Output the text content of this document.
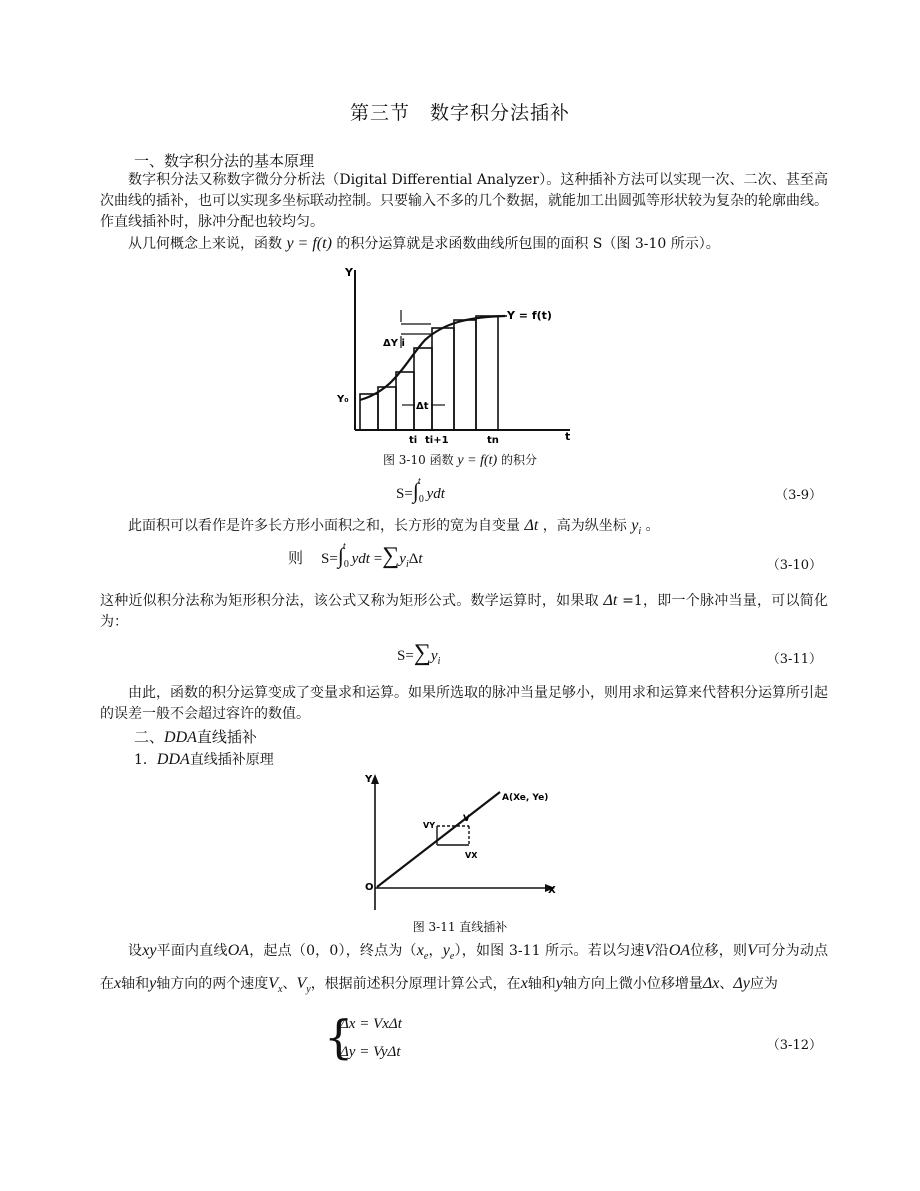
第三节　数字积分法插补
一、数字积分法的基本原理
数字积分法又称数字微分分析法（Digital Differential Analyzer）。这种插补方法可以实现一次、二次、甚至高次曲线的插补，也可以实现多坐标联动控制。只要输入不多的几个数据，就能加工出圆弧等形状较为复杂的轮廓曲线。作直线插补时，脉冲分配也较均匀。
从几何概念上来说，函数 y = f(t) 的积分运算就是求函数曲线所包围的面积 S（图 3-10 所示）。
Y
t
Y = f(t)
Y₀
ΔY i
Δt
ti ti+1	tn
图 3-10 函数 y = f(t) 的积分
$S=\int_0^tydt$	（3-9）
此面积可以看作是许多长方形小面积之和，长方形的宽为自变量 Δt ，高为纵坐标 $y_i$ 。
则 $S=\int_0^tydt =\sum y_i\Delta t$	（3-10）
这种近似积分法称为矩形积分法，该公式又称为矩形公式。数学运算时，如果取 Δt =1，即一个脉冲当量，可以简化为：
$S=\sum y_i$	（3-11）
由此，函数的积分运算变成了变量求和运算。如果所选取的脉冲当量足够小，则用求和运算来代替积分运算所引起的误差一般不会超过容许的数值。
二、DDA直线插补
1．DDA直线插补原理
Y
X
O
A(Xe, Ye)
V
VY
VX
图 3-11 直线插补
设xy平面内直线OA，起点（0，0），终点为（$x_e$，$y_e$），如图 3-11 所示。若以匀速V沿OA位移，则V可分为动点在x轴和y轴方向的两个速度$V_x$、$V_y$，根据前述积分原理计算公式，在x轴和y轴方向上微小位移增量Δx、Δy应为
{
Δx = VxΔt
Δy = VyΔt	（3-12）
